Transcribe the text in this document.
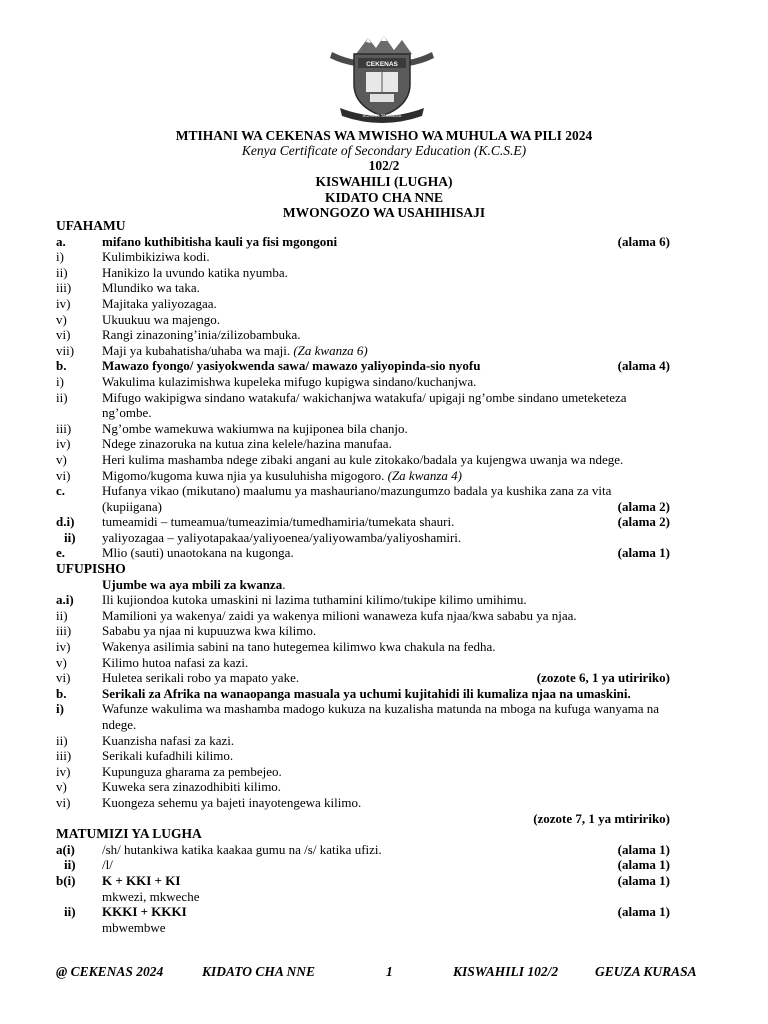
CEKENAS
SCHOOL SUCCESS
MTIHANI WA CEKENAS WA MWISHO WA MUHULA WA PILI 2024
Kenya Certificate of Secondary Education (K.C.S.E)
102/2
KISWAHILI (LUGHA)
KIDATO CHA NNE
MWONGOZO WA USAHIHISAJI
UFAHAMU
a.	mifano kuthibitisha kauli ya fisi mgongoni	(alama 6)
i)	Kulimbikiziwa kodi.
ii)	Hanikizo la uvundo katika nyumba.
iii)	Mlundiko wa taka.
iv)	Majitaka yaliyozagaa.
v)	Ukuukuu wa majengo.
vi)	Rangi zinazoning’inia/zilizobambuka.
vii)	Maji ya kubahatisha/uhaba wa maji. (Za kwanza 6)
b.	Mawazo fyongo/ yasiyokwenda sawa/ mawazo yaliyopinda-sio nyofu	(alama 4)
i)	Wakulima kulazimishwa kupeleka mifugo kupigwa sindano/kuchanjwa.
ii)	Mifugo wakipigwa sindano watakufa/ wakichanjwa watakufa/ upigaji ng’ombe sindano umeteketeza ng’ombe.
iii)	Ng’ombe wamekuwa wakiumwa na kujiponea bila chanjo.
iv)	Ndege zinazoruka na kutua zina kelele/hazina manufaa.
v)	Heri kulima mashamba ndege zibaki angani au kule zitokako/badala ya kujengwa uwanja wa ndege.
vi)	Migomo/kugoma kuwa njia ya kusuluhisha migogoro. (Za kwanza 4)
c.	Hufanya vikao (mikutano) maalumu ya mashauriano/mazungumzo badala ya kushika zana za vita (kupiigana)	(alama 2)
d.i)	tumeamidi – tumeamua/tumeazimia/tumedhamiria/tumekata shauri.	(alama 2)
ii)	yaliyozagaa – yaliyotapakaa/yaliyoenea/yaliyowamba/yaliyoshamiri.
e.	Mlio (sauti) unaotokana na kugonga.	(alama 1)
UFUPISHO
Ujumbe wa aya mbili za kwanza.
a.i)	Ili kujiondoa kutoka umaskini ni lazima tuthamini kilimo/tukipe kilimo umihimu.
ii)	Mamilioni ya wakenya/ zaidi ya wakenya milioni wanaweza kufa njaa/kwa sababu ya njaa.
iii)	Sababu ya njaa ni kupuuzwa kwa kilimo.
iv)	Wakenya asilimia sabini na tano hutegemea kilimwo kwa chakula na fedha.
v)	Kilimo hutoa nafasi za kazi.
vi)	Huletea serikali robo ya mapato yake.	(zozote 6, 1 ya utiririko)
b.	Serikali za Afrika na wanaopanga masuala ya uchumi kujitahidi ili kumaliza njaa na umaskini.
i)	Wafunze wakulima wa mashamba madogo kukuza na kuzalisha matunda na mboga na kufuga wanyama na ndege.
ii)	Kuanzisha nafasi za kazi.
iii)	Serikali kufadhili kilimo.
iv)	Kupunguza gharama za pembejeo.
v)	Kuweka sera zinazodhibiti kilimo.
vi)	Kuongeza sehemu ya bajeti inayotengewa kilimo.
(zozote 7, 1 ya mtiririko)
MATUMIZI YA LUGHA
a(i)	/sh/ hutankiwa katika kaakaa gumu na /s/ katika ufizi.	(alama 1)
ii)	/l/	(alama 1)
b(i)	K + KKI + KI	(alama 1)
mkwezi, mkweche
ii)	KKKI + KKKI	(alama 1)
mbwembwe
@ CEKENAS 2024	KIDATO CHA NNE	1	KISWAHILI 102/2	GEUZA KURASA
